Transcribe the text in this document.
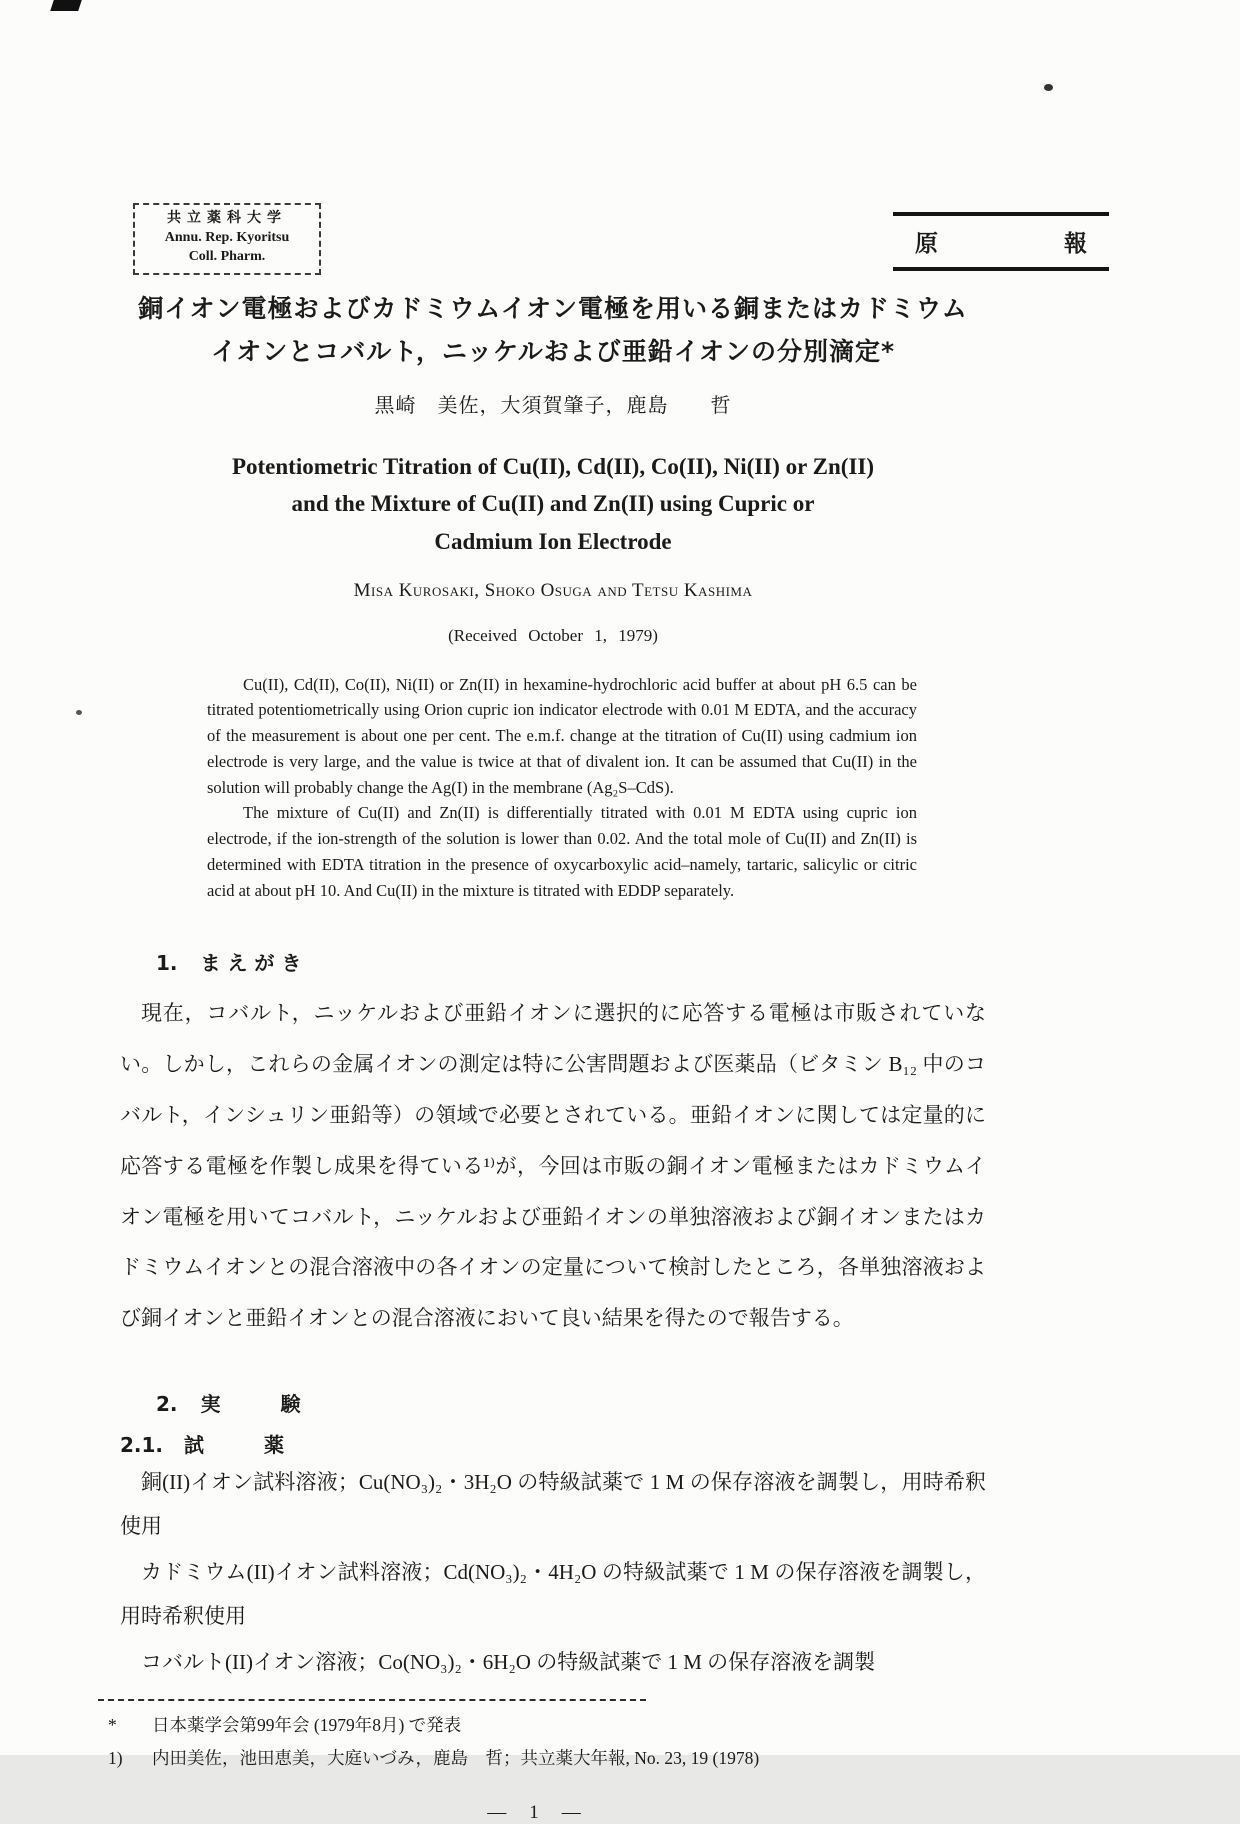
共立薬科大学
Annu. Rep. Kyoritsu
Coll. Pharm.	原	報
銅イオン電極およびカドミウムイオン電極を用いる銅またはカドミウム
イオンとコバルト，ニッケルおよび亜鉛イオンの分別滴定*
黒崎　美佐，大須賀肇子，鹿島　　哲
Potentiometric Titration of Cu(II), Cd(II), Co(II), Ni(II) or Zn(II)
and the Mixture of Cu(II) and Zn(II) using Cupric or
Cadmium Ion Electrode
Misa Kurosaki, Shoko Osuga and Tetsu Kashima
(Received October 1, 1979)

Cu(II), Cd(II), Co(II), Ni(II) or Zn(II) in hexamine-hydrochloric acid buffer at about pH 6.5 can be titrated potentiometrically using Orion cupric ion indicator electrode with 0.01 M EDTA, and the accuracy of the measurement is about one per cent. The e.m.f. change at the titration of Cu(II) using cadmium ion electrode is very large, and the value is twice at that of divalent ion. It can be assumed that Cu(II) in the solution will probably change the Ag(I) in the membrane (Ag₂S–CdS).

The mixture of Cu(II) and Zn(II) is differentially titrated with 0.01 M EDTA using cupric ion electrode, if the ion-strength of the solution is lower than 0.02. And the total mole of Cu(II) and Zn(II) is determined with EDTA titration in the presence of oxycarboxylic acid–namely, tartaric, salicylic or citric acid at about pH 10. And Cu(II) in the mixture is titrated with EDDP separately.

1. ま え が き

現在，コバルト，ニッケルおよび亜鉛イオンに選択的に応答する電極は市販されていない。しかし，これらの金属イオンの測定は特に公害問題および医薬品（ビタミン B₁₂ 中のコバルト，インシュリン亜鉛等）の領域で必要とされている。亜鉛イオンに関しては定量的に応答する電極を作製し成果を得ている¹⁾が，今回は市販の銅イオン電極またはカドミウムイオン電極を用いてコバルト，ニッケルおよび亜鉛イオンの単独溶液および銅イオンまたはカドミウムイオンとの混合溶液中の各イオンの定量について検討したところ，各単独溶液および銅イオンと亜鉛イオンとの混合溶液において良い結果を得たので報告する。

2. 実　　　験
2.1. 試　　　薬

銅(II)イオン試料溶液；Cu(NO₃)₂・3H₂O の特級試薬で 1 M の保存溶液を調製し，用時希釈使用

カドミウム(II)イオン試料溶液；Cd(NO₃)₂・4H₂O の特級試薬で 1 M の保存溶液を調製し，用時希釈使用

コバルト(II)イオン溶液；Co(NO₃)₂・6H₂O の特級試薬で 1 M の保存溶液を調製

* 日本薬学会第99年会 (1979年8月) で発表
1) 内田美佐，池田恵美，大庭いづみ，鹿島　哲；共立薬大年報, No. 23, 19 (1978)
―　1　―
